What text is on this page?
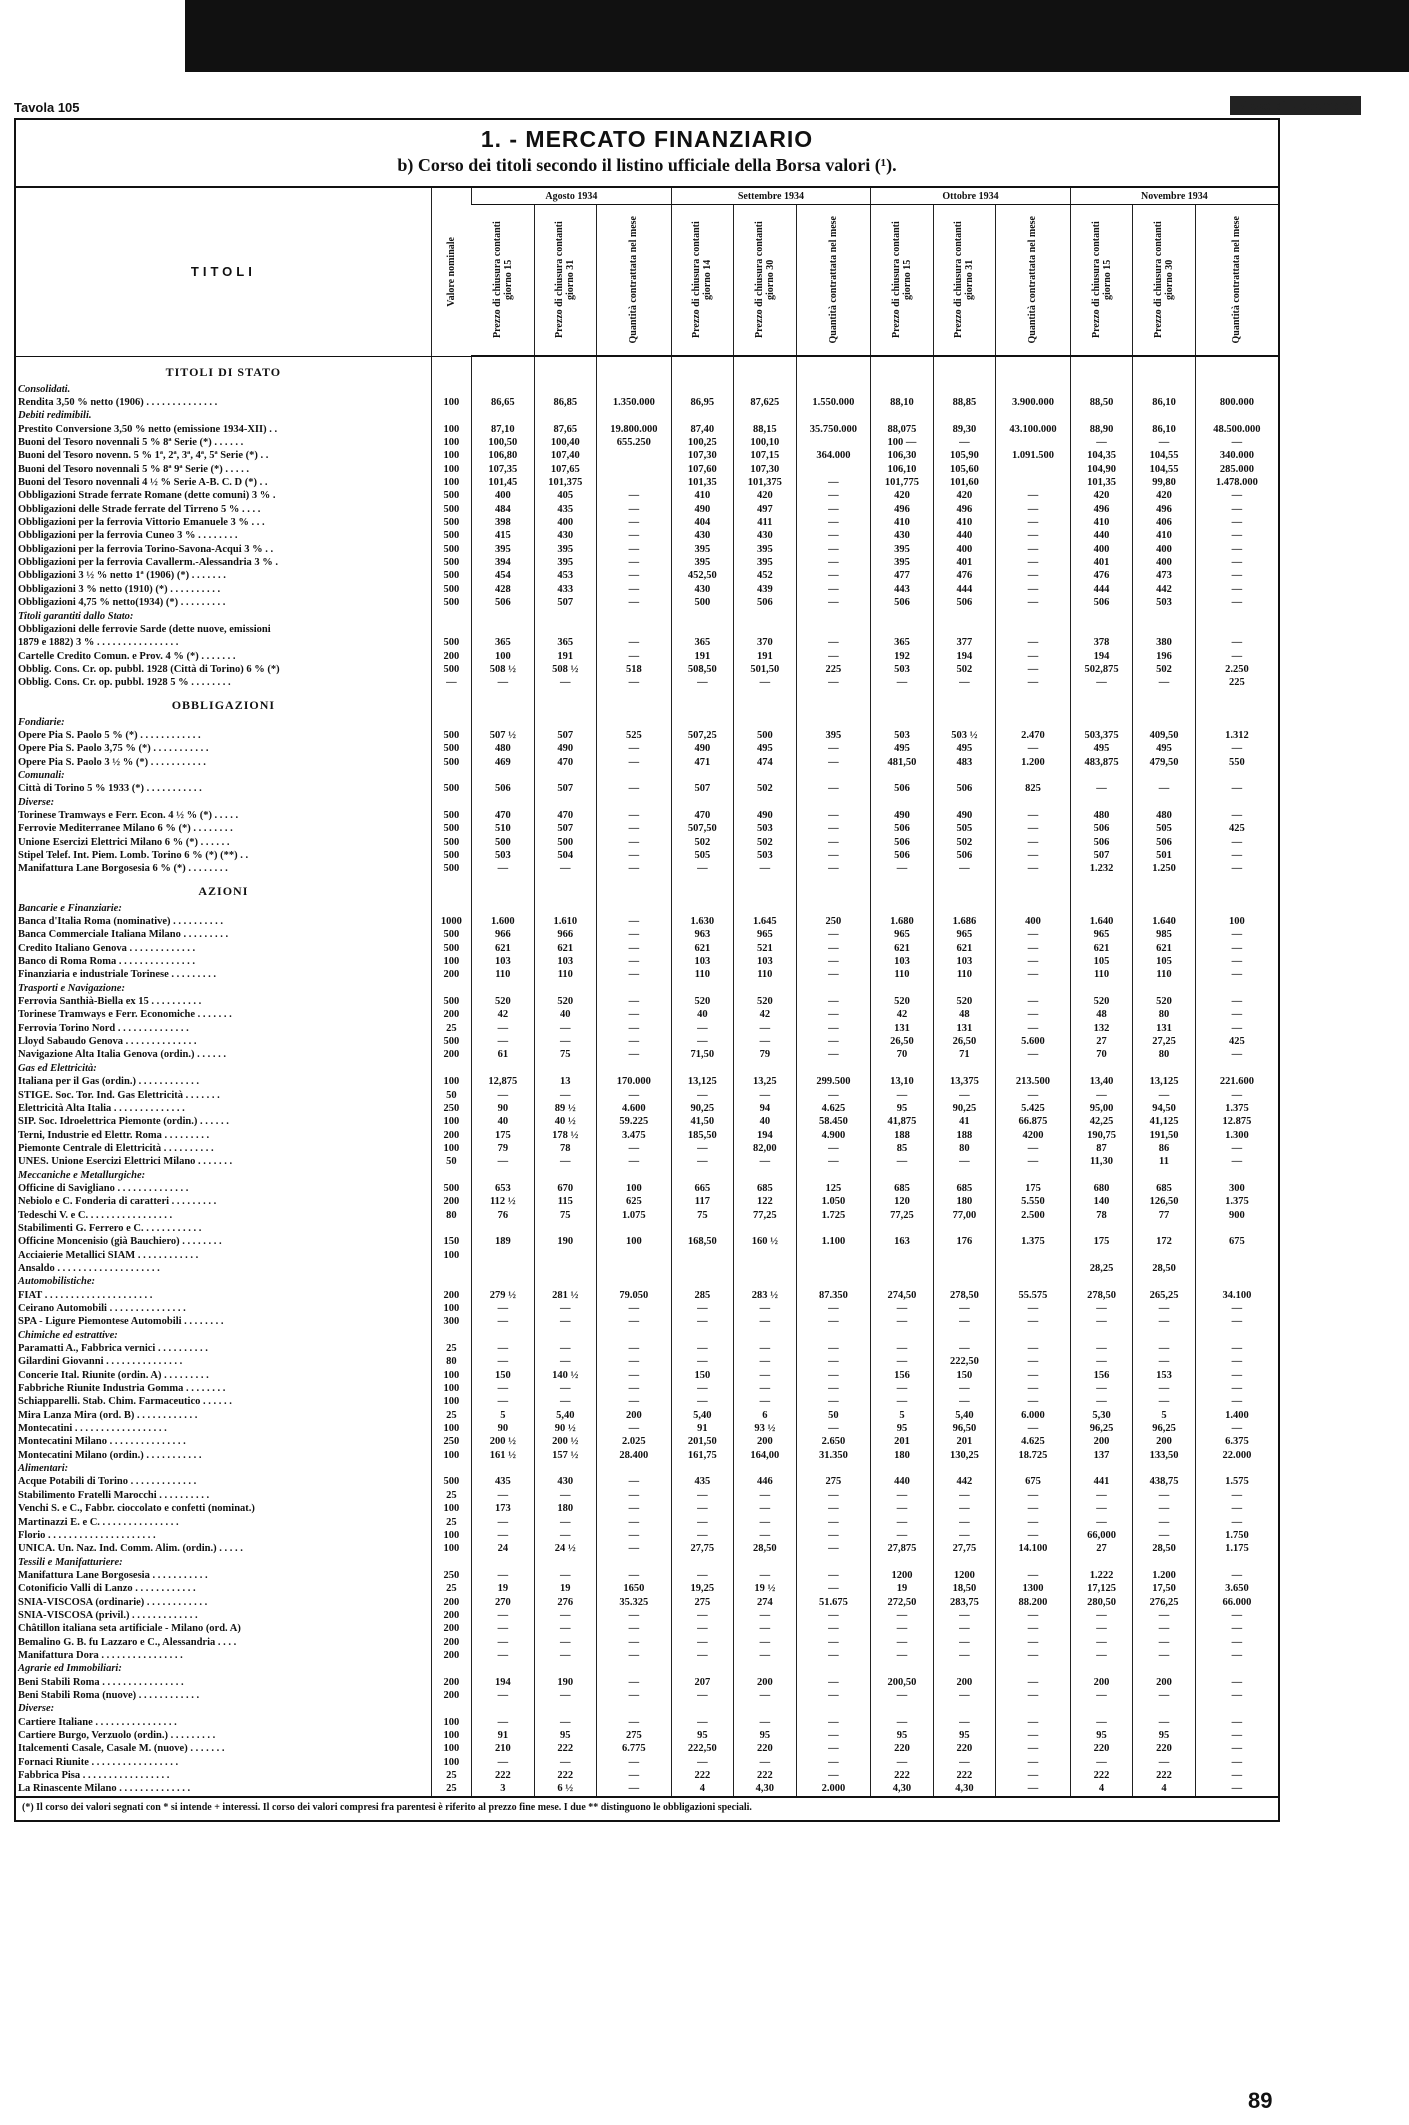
Tavola 105	Mese di Novembre
1. - MERCATO FINANZIARIO
b) Corso dei titoli secondo il listino ufficiale della Borsa valori (¹).
TITOLI	Valore nominale	Agosto 1934			Settembre 1934			Ottobre 1934			Novembre 1934		

		Prezzo di chiusura contanti giorno 15	Prezzo di chiusura contanti giorno 31	Quantità contrattata nel mese	Prezzo di chiusura contanti giorno 14	Prezzo di chiusura contanti giorno 30	Quantità contrattata nel mese	Prezzo di chiusura contanti giorno 15	Prezzo di chiusura contanti giorno 31	Quantità contrattata nel mese	Prezzo di chiusura contanti giorno 15	Prezzo di chiusura contanti giorno 30	Quantità contrattata nel mese

TITOLI DI STATO													
Consolidati.													
Rendita 3,50 % netto (1906) . . . . . . . . . . . . . .	100	86,65	86,85	1.350.000	86,95	87,625	1.550.000	88,10	88,85	3.900.000	88,50	86,10	800.000
Debiti redimibili.													
Prestito Conversione 3,50 % netto (emissione 1934-XII) . .	100	87,10	87,65	19.800.000	87,40	88,15	35.750.000	88,075	89,30	43.100.000	88,90	86,10	48.500.000
Buoni del Tesoro novennali 5 % 8ª Serie (*) . . . . . .	100	100,50	100,40	655.250	100,25	100,10		100 —	—		—	—	—
Buoni del Tesoro novenn. 5 % 1ª, 2ª, 3ª, 4ª, 5ª Serie (*) . .	100	106,80	107,40		107,30	107,15	364.000	106,30	105,90	1.091.500	104,35	104,55	340.000
Buoni del Tesoro novennali 5 % 8ª 9ª Serie (*) . . . . .	100	107,35	107,65		107,60	107,30		106,10	105,60		104,90	104,55	285.000
Buoni del Tesoro novennali 4 ½ % Serie A-B. C. D (*) . .	100	101,45	101,375		101,35	101,375	—	101,775	101,60		101,35	99,80	1.478.000
Obbligazioni Strade ferrate Romane (dette comuni) 3 % .	500	400	405	—	410	420	—	420	420	—	420	420	—
Obbligazioni delle Strade ferrate del Tirreno 5 % . . . .	500	484	435	—	490	497	—	496	496	—	496	496	—
Obbligazioni per la ferrovia Vittorio Emanuele 3 % . . .	500	398	400	—	404	411	—	410	410	—	410	406	—
Obbligazioni per la ferrovia Cuneo 3 % . . . . . . . .	500	415	430	—	430	430	—	430	440	—	440	410	—
Obbligazioni per la ferrovia Torino-Savona-Acqui 3 % . .	500	395	395	—	395	395	—	395	400	—	400	400	—
Obbligazioni per la ferrovia Cavallerm.-Alessandria 3 % .	500	394	395	—	395	395	—	395	401	—	401	400	—
Obbligazioni 3 ½ % netto 1ª (1906) (*) . . . . . . .	500	454	453	—	452,50	452	—	477	476	—	476	473	—
Obbligazioni 3 % netto (1910) (*) . . . . . . . . . .	500	428	433	—	430	439	—	443	444	—	444	442	—
Obbligazioni 4,75 % netto(1934) (*) . . . . . . . . .	500	506	507	—	500	506	—	506	506	—	506	503	—
Titoli garantiti dallo Stato:													
Obbligazioni delle ferrovie Sarde (dette nuove, emissioni													
1879 e 1882) 3 % . . . . . . . . . . . . . . . .	500	365	365	—	365	370	—	365	377	—	378	380	—
Cartelle Credito Comun. e Prov. 4 % (*) . . . . . . .	200	100	191	—	191	191	—	192	194	—	194	196	—
Obblig. Cons. Cr. op. pubbl. 1928 (Città di Torino) 6 % (*)	500	508 ½	508 ½	518	508,50	501,50	225	503	502	—	502,875	502	2.250
Obblig. Cons. Cr. op. pubbl. 1928 5 % . . . . . . . .	—	—	—	—	—	—	—	—	—	—	—	—	225
OBBLIGAZIONI													
Fondiarie:													
Opere Pia S. Paolo 5 % (*) . . . . . . . . . . . .	500	507 ½	507	525	507,25	500	395	503	503 ½	2.470	503,375	409,50	1.312
Opere Pia S. Paolo 3,75 % (*) . . . . . . . . . . .	500	480	490	—	490	495	—	495	495	—	495	495	—
Opere Pia S. Paolo 3 ½ % (*) . . . . . . . . . . .	500	469	470	—	471	474	—	481,50	483	1.200	483,875	479,50	550
Comunali:													
Città di Torino 5 % 1933 (*) . . . . . . . . . . .	500	506	507	—	507	502	—	506	506	825	—	—	—
Diverse:													
Torinese Tramways e Ferr. Econ. 4 ½ % (*) . . . . .	500	470	470	—	470	490	—	490	490	—	480	480	—
Ferrovie Mediterranee Milano 6 % (*) . . . . . . . .	500	510	507	—	507,50	503	—	506	505	—	506	505	425
Unione Esercizi Elettrici Milano 6 % (*) . . . . . .	500	500	500	—	502	502	—	506	502	—	506	506	—
Stipel Telef. Int. Piem. Lomb. Torino 6 % (*) (**) . .	500	503	504	—	505	503	—	506	506	—	507	501	—
Manifattura Lane Borgosesia 6 % (*) . . . . . . . .	500	—	—	—	—	—	—	—	—	—	1.232	1.250	—
AZIONI													
Bancarie e Finanziarie:													
Banca d'Italia Roma (nominative) . . . . . . . . . .	1000	1.600	1.610	—	1.630	1.645	250	1.680	1.686	400	1.640	1.640	100
Banca Commerciale Italiana Milano . . . . . . . . .	500	966	966	—	963	965	—	965	965	—	965	985	—
Credito Italiano Genova . . . . . . . . . . . . .	500	621	621	—	621	521	—	621	621	—	621	621	—
Banco di Roma Roma . . . . . . . . . . . . . . .	100	103	103	—	103	103	—	103	103	—	105	105	—
Finanziaria e industriale Torinese . . . . . . . . .	200	110	110	—	110	110	—	110	110	—	110	110	—
Trasporti e Navigazione:													
Ferrovia Santhià-Biella ex 15 . . . . . . . . . .	500	520	520	—	520	520	—	520	520	—	520	520	—
Torinese Tramways e Ferr. Economiche . . . . . . .	200	42	40	—	40	42	—	42	48	—	48	80	—
Ferrovia Torino Nord . . . . . . . . . . . . . .	25	—	—	—	—	—	—	131	131	—	132	131	—
Lloyd Sabaudo Genova . . . . . . . . . . . . . .	500	—	—	—	—	—	—	26,50	26,50	5.600	27	27,25	425
Navigazione Alta Italia Genova (ordin.) . . . . . .	200	61	75	—	71,50	79	—	70	71	—	70	80	—
Gas ed Elettricità:													
Italiana per il Gas (ordin.) . . . . . . . . . . . .	100	12,875	13	170.000	13,125	13,25	299.500	13,10	13,375	213.500	13,40	13,125	221.600
STIGE. Soc. Tor. Ind. Gas Elettricità . . . . . . .	50	—	—	—	—	—	—	—	—	—	—	—	—
Elettricità Alta Italia . . . . . . . . . . . . . .	250	90	89 ½	4.600	90,25	94	4.625	95	90,25	5.425	95,00	94,50	1.375
SIP. Soc. Idroelettrica Piemonte (ordin.) . . . . . .	100	40	40 ½	59.225	41,50	40	58.450	41,875	41	66.875	42,25	41,125	12.875
Terni, Industrie ed Elettr. Roma . . . . . . . . .	200	175	178 ½	3.475	185,50	194	4.900	188	188	4200	190,75	191,50	1.300
Piemonte Centrale di Elettricità . . . . . . . . . .	100	79	78	—	—	82,00	—	85	80	—	87	86	—
UNES. Unione Esercizi Elettrici Milano . . . . . . .	50	—	—	—	—	—	—	—	—	—	11,30	11	—
Meccaniche e Metallurgiche:													
Officine di Savigliano . . . . . . . . . . . . . .	500	653	670	100	665	685	125	685	685	175	680	685	300
Nebiolo e C. Fonderia di caratteri . . . . . . . . .	200	112 ½	115	625	117	122	1.050	120	180	5.550	140	126,50	1.375
Tedeschi V. e C. . . . . . . . . . . . . . . . .	80	76	75	1.075	75	77,25	1.725	77,25	77,00	2.500	78	77	900
Stabilimenti G. Ferrero e C. . . . . . . . . . . .													
Officine Moncenisio (già Bauchiero) . . . . . . . .	150	189	190	100	168,50	160 ½	1.100	163	176	1.375	175	172	675
Acciaierie Metallici SIAM . . . . . . . . . . . .	100												
Ansaldo . . . . . . . . . . . . . . . . . . . .											28,25	28,50	
Automobilistiche:													
FIAT . . . . . . . . . . . . . . . . . . . . .	200	279 ½	281 ½	79.050	285	283 ½	87.350	274,50	278,50	55.575	278,50	265,25	34.100
Ceirano Automobili . . . . . . . . . . . . . . .	100	—	—	—	—	—	—	—	—	—	—	—	—
SPA - Ligure Piemontese Automobili . . . . . . . .	300	—	—	—	—	—	—	—	—	—	—	—	—
Chimiche ed estrattive:													
Paramatti A., Fabbrica vernici . . . . . . . . . .	25	—	—	—	—	—	—	—	—	—	—	—	—
Gilardini Giovanni . . . . . . . . . . . . . . .	80	—	—	—	—	—	—	—	222,50	—	—	—	—
Concerie Ital. Riunite (ordin. A) . . . . . . . . .	100	150	140 ½	—	150	—	—	156	150	—	156	153	—
Fabbriche Riunite Industria Gomma . . . . . . . .	100	—	—	—	—	—	—	—	—	—	—	—	—
Schiapparelli. Stab. Chim. Farmaceutico . . . . . .	100	—	—	—	—	—	—	—	—	—	—	—	—
Mira Lanza Mira (ord. B) . . . . . . . . . . . .	25	5	5,40	200	5,40	6	50	5	5,40	6.000	5,30	5	1.400
Montecatini . . . . . . . . . . . . . . . . . .	100	90	90 ½	—	91	93 ½	—	95	96,50	—	96,25	96,25	—
Montecatini Milano . . . . . . . . . . . . . . .	250	200 ½	200 ½	2.025	201,50	200	2.650	201	201	4.625	200	200	6.375
Montecatini Milano (ordin.) . . . . . . . . . . .	100	161 ½	157 ½	28.400	161,75	164,00	31.350	180	130,25	18.725	137	133,50	22.000
Alimentari:													
Acque Potabili di Torino . . . . . . . . . . . . .	500	435	430	—	435	446	275	440	442	675	441	438,75	1.575
Stabilimento Fratelli Marocchi . . . . . . . . . .	25	—	—	—	—	—	—	—	—	—	—	—	—
Venchi S. e C., Fabbr. cioccolato e confetti (nominat.)	100	173	180	—	—	—	—	—	—	—	—	—	—
Martinazzi E. e C. . . . . . . . . . . . . . . .	25	—	—	—	—	—	—	—	—	—	—	—	—
Florio . . . . . . . . . . . . . . . . . . . . .	100	—	—	—	—	—	—	—	—	—	66,000	—	1.750
UNICA. Un. Naz. Ind. Comm. Alim. (ordin.) . . . . .	100	24	24 ½	—	27,75	28,50	—	27,875	27,75	14.100	27	28,50	1.175
Tessili e Manifatturiere:													
Manifattura Lane Borgosesia . . . . . . . . . . .	250	—	—	—	—	—	—	1200	1200	—	1.222	1.200	—
Cotonificio Valli di Lanzo . . . . . . . . . . . .	25	19	19	1650	19,25	19 ½	—	19	18,50	1300	17,125	17,50	3.650
SNIA-VISCOSA (ordinarie) . . . . . . . . . . . .	200	270	276	35.325	275	274	51.675	272,50	283,75	88.200	280,50	276,25	66.000
SNIA-VISCOSA (privil.) . . . . . . . . . . . . .	200	—	—	—	—	—	—	—	—	—	—	—	—
Châtillon italiana seta artificiale - Milano (ord. A)	200	—	—	—	—	—	—	—	—	—	—	—	—
Bemalino G. B. fu Lazzaro e C., Alessandria . . . .	200	—	—	—	—	—	—	—	—	—	—	—	—
Manifattura Dora . . . . . . . . . . . . . . . .	200	—	—	—	—	—	—	—	—	—	—	—	—
Agrarie ed Immobiliari:													
Beni Stabili Roma . . . . . . . . . . . . . . . .	200	194	190	—	207	200	—	200,50	200	—	200	200	—
Beni Stabili Roma (nuove) . . . . . . . . . . . .	200	—	—	—	—	—	—	—	—	—	—	—	—
Diverse:													
Cartiere Italiane . . . . . . . . . . . . . . . .	100	—	—	—	—	—	—	—	—	—	—	—	—
Cartiere Burgo, Verzuolo (ordin.) . . . . . . . . .	100	91	95	275	95	95	—	95	95	—	95	95	—
Italcementi Casale, Casale M. (nuove) . . . . . . .	100	210	222	6.775	222,50	220	—	220	220	—	220	220	—
Fornaci Riunite . . . . . . . . . . . . . . . . .	100	—	—	—	—	—	—	—	—	—	—	—	—
Fabbrica Pisa . . . . . . . . . . . . . . . . .	25	222	222	—	222	222	—	222	222	—	222	222	—
La Rinascente Milano . . . . . . . . . . . . . .	25	3	6 ½	—	4	4,30	2.000	4,30	4,30	—	4	4	—
(*) Il corso dei valori segnati con * si intende + interessi. Il corso dei valori compresi fra parentesi è riferito al prezzo fine mese. I due ** distinguono le obbligazioni speciali.
89
